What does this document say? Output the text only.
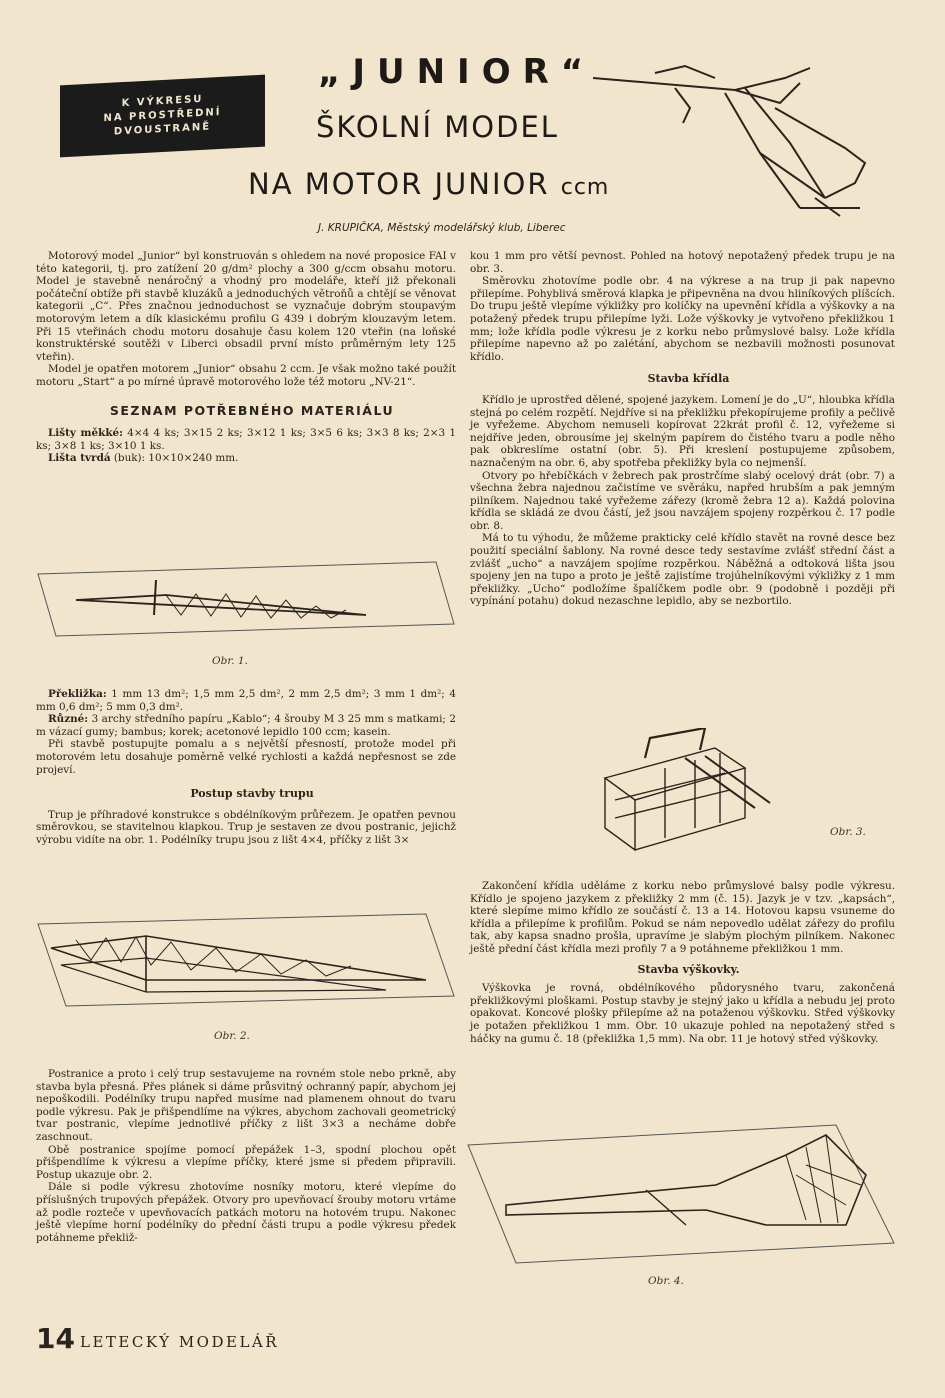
K VÝKRESU
NA PROSTŘEDNÍ
DVOUSTRANĚ
„JUNIOR“
ŠKOLNÍ MODEL
NA MOTOR JUNIOR ccm
J. KRUPIČKA, Městský modelářský klub, Liberec

Motorový model „Junior“ byl konstruován s ohledem na nové proposice FAI v této kategorii, tj. pro zatížení 20 g/dm² plochy a 300 g/ccm obsahu motoru. Model je stavebně nenáročný a vhodný pro modeláře, kteří již překonali počáteční obtíže při stavbě kluzáků a jednoduchých větroňů a chtějí se věnovat kategorii „C“. Přes značnou jednoduchost se vyznačuje dobrým stoupavým motorovým letem a dík klasickému profilu G 439 i dobrým klouzavým letem. Při 15 vteřinách chodu motoru dosahuje času kolem 120 vteřin (na loňské konstruktérské soutěži v Liberci obsadil první místo průměrným lety 125 vteřin).

Model je opatřen motorem „Junior“ obsahu 2 ccm. Je však možno také použít motoru „Start“ a po mírné úpravě motorového lože též motoru „NV-21“.

SEZNAM POTŘEBNÉHO MATERIÁLU

Lišty měkké: 4×4 4 ks; 3×15 2 ks; 3×12 1 ks; 3×5 6 ks; 3×3 8 ks; 2×3 1 ks; 3×8 1 ks; 3×10 1 ks.

Lišta tvrdá (buk): 10×10×240 mm.

Obr. 1.

Překližka: 1 mm 13 dm²; 1,5 mm 2,5 dm², 2 mm 2,5 dm²; 3 mm 1 dm²; 4 mm 0,6 dm²; 5 mm 0,3 dm².

Různé: 3 archy středního papíru „Kablo“; 4 šrouby M 3 25 mm s matkami; 2 m vázací gumy; bambus; korek; acetonové lepidlo 100 ccm; kasein.

Při stavbě postupujte pomalu a s největší přesností, protože model při motorovém letu dosahuje poměrně velké rychlosti a každá nepřesnost se zde projeví.

Postup stavby trupu

Trup je příhradové konstrukce s obdélníkovým průřezem. Je opatřen pevnou směrovkou, se stavitelnou klapkou. Trup je sestaven ze dvou postranic, jejichž výrobu vidíte na obr. 1. Podélníky trupu jsou z lišt 4×4, příčky z lišt 3×

Obr. 2.

Postranice a proto i celý trup sestavujeme na rovném stole nebo prkně, aby stavba byla přesná. Přes plánek si dáme průsvitný ochranný papír, abychom jej nepoškodili. Podélníky trupu napřed musíme nad plamenem ohnout do tvaru podle výkresu. Pak je přišpendlíme na výkres, abychom zachovali geometrický tvar postranic, vlepíme jednotlivé příčky z lišt 3×3 a necháme dobře zaschnout.

Obě postranice spojíme pomocí přepážek 1–3, spodní plochou opět přišpendlíme k výkresu a vlepíme příčky, které jsme si předem připravili. Postup ukazuje obr. 2.

Dále si podle výkresu zhotovíme nosníky motoru, které vlepíme do příslušných trupových přepážek. Otvory pro upevňovací šrouby motoru vrtáme až podle rozteče v upevňovacích patkách motoru na hotovém trupu. Nakonec ještě vlepíme horní podélníky do přední části trupu a podle výkresu předek potáhneme překliž-

kou 1 mm pro větší pevnost. Pohled na hotový nepotažený předek trupu je na obr. 3.

Směrovku zhotovíme podle obr. 4 na výkrese a na trup ji pak napevno přilepíme. Pohyblivá směrová klapka je připevněna na dvou hliníkových plíšcích. Do trupu ještě vlepíme výkližky pro kolíčky na upevnění křídla a výškovky a na potažený předek trupu přilepíme lyži. Lože výškovky je vytvořeno překližkou 1 mm; lože křídla podle výkresu je z korku nebo průmyslové balsy. Lože křídla přilepíme napevno až po zalétání, abychom se nezbavili možnosti posunovat křídlo.

Stavba křídla

Křídlo je uprostřed dělené, spojené jazykem. Lomení je do „U“, hloubka křídla stejná po celém rozpětí. Nejdříve si na překližku překopírujeme profily a pečlivě je vyřežeme. Abychom nemuseli kopírovat 22krát profil č. 12, vyřežeme si nejdříve jeden, obrousíme jej skelným papírem do čistého tvaru a podle něho pak obkreslíme ostatní (obr. 5). Při kreslení postupujeme způsobem, naznačeným na obr. 6, aby spotřeba překližky byla co nejmenší.

Otvory po hřebíčkách v žebrech pak prostrčíme slabý ocelový drát (obr. 7) a všechna žebra najednou začistíme ve svěráku, napřed hrubším a pak jemným pilníkem. Najednou také vyřežeme zářezy (kromě žebra 12 a). Každá polovina křídla se skládá ze dvou částí, jež jsou navzájem spojeny rozpěrkou č. 17 podle obr. 8.

Má to tu výhodu, že můžeme prakticky celé křídlo stavět na rovné desce bez použití speciální šablony. Na rovné desce tedy sestavíme zvlášť střední část a zvlášť „ucho“ a navzájem spojíme rozpěrkou. Náběžná a odtoková lišta jsou spojeny jen na tupo a proto je ještě zajistíme trojúhelníkovými výkližky z 1 mm překližky. „Ucho“ podložíme špalíčkem podle obr. 9 (podobně i později při vypínání potahu) dokud nezaschne lepidlo, aby se nezbortilo.

Obr. 3.

Zakončení křídla uděláme z korku nebo průmyslové balsy podle výkresu. Křídlo je spojeno jazykem z překližky 2 mm (č. 15). Jazyk je v tzv. „kapsách“, které slepíme mimo křídlo ze součástí č. 13 a 14. Hotovou kapsu vsuneme do křídla a přilepíme k profilům. Pokud se nám nepovedlo udělat zářezy do profilu tak, aby kapsa snadno prošla, upravíme je slabým plochým pilníkem. Nakonec ještě přední část křídla mezi profily 7 a 9 potáhneme překližkou 1 mm.

Stavba výškovky.

Výškovka je rovná, obdélníkového půdorysného tvaru, zakončená překližkovými ploškami. Postup stavby je stejný jako u křídla a nebudu jej proto opakovat. Koncové plošky přilepíme až na potaženou výškovku. Střed výškovky je potažen překližkou 1 mm. Obr. 10 ukazuje pohled na nepotažený střed s háčky na gumu č. 18 (překližka 1,5 mm). Na obr. 11 je hotový střed výškovky.

Obr. 4.
14 LETECKÝ MODELÁŘ
